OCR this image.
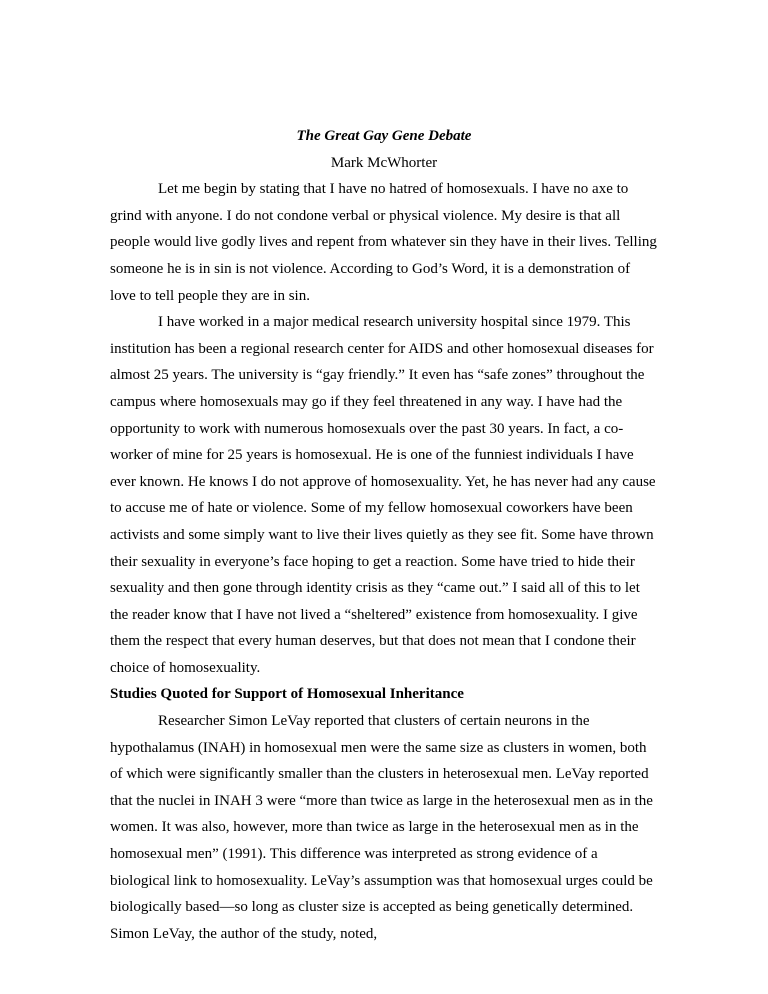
The Great Gay Gene Debate
Mark McWhorter

Let me begin by stating that I have no hatred of homosexuals. I have no axe to grind with anyone. I do not condone verbal or physical violence. My desire is that all people would live godly lives and repent from whatever sin they have in their lives. Telling someone he is in sin is not violence. According to God’s Word, it is a demonstration of love to tell people they are in sin.

I have worked in a major medical research university hospital since 1979. This institution has been a regional research center for AIDS and other homosexual diseases for almost 25 years. The university is “gay friendly.” It even has “safe zones” throughout the campus where homosexuals may go if they feel threatened in any way. I have had the opportunity to work with numerous homosexuals over the past 30 years. In fact, a co-worker of mine for 25 years is homosexual. He is one of the funniest individuals I have ever known. He knows I do not approve of homosexuality. Yet, he has never had any cause to accuse me of hate or violence. Some of my fellow homosexual coworkers have been activists and some simply want to live their lives quietly as they see fit. Some have thrown their sexuality in everyone’s face hoping to get a reaction. Some have tried to hide their sexuality and then gone through identity crisis as they “came out.” I said all of this to let the reader know that I have not lived a “sheltered” existence from homosexuality. I give them the respect that every human deserves, but that does not mean that I condone their choice of homosexuality.

Studies Quoted for Support of Homosexual Inheritance

Researcher Simon LeVay reported that clusters of certain neurons in the hypothalamus (INAH) in homosexual men were the same size as clusters in women, both of which were significantly smaller than the clusters in heterosexual men. LeVay reported that the nuclei in INAH 3 were “more than twice as large in the heterosexual men as in the women. It was also, however, more than twice as large in the heterosexual men as in the homosexual men” (1991). This difference was interpreted as strong evidence of a biological link to homosexuality. LeVay’s assumption was that homosexual urges could be biologically based—so long as cluster size is accepted as being genetically determined. Simon LeVay, the author of the study, noted,
